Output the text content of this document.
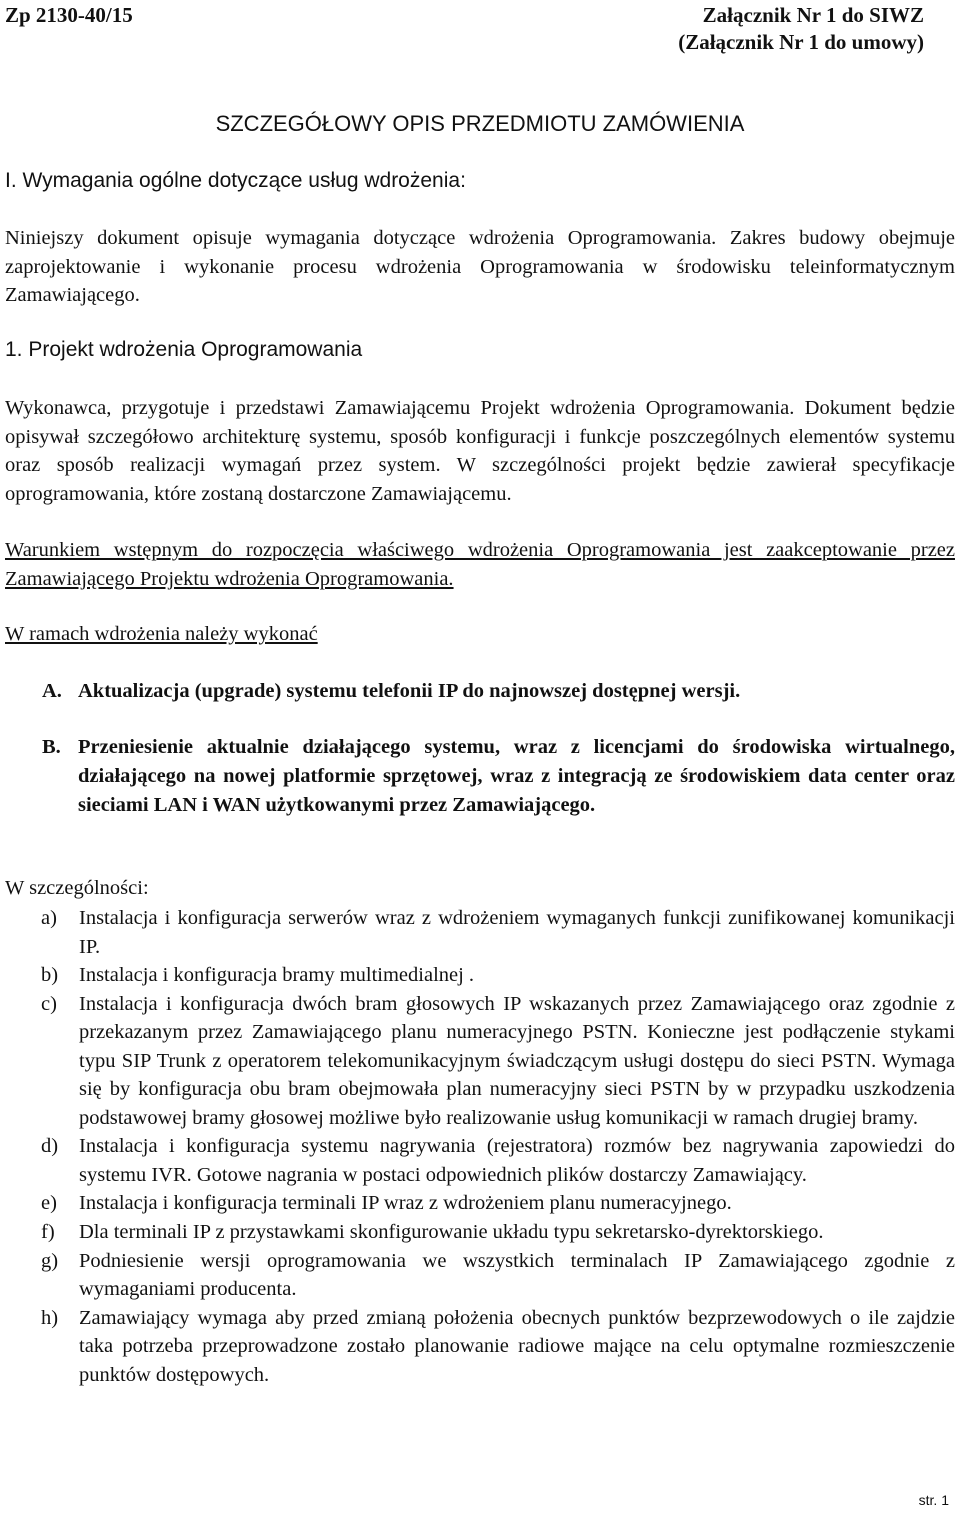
Zp 2130-40/15	Załącznik Nr 1 do SIWZ
(Załącznik Nr 1 do umowy)
SZCZEGÓŁOWY OPIS PRZEDMIOTU ZAMÓWIENIA
I. Wymagania ogólne dotyczące usług wdrożenia:
Niniejszy dokument opisuje wymagania dotyczące wdrożenia Oprogramowania. Zakres budowy obejmuje zaprojektowanie i wykonanie procesu wdrożenia Oprogramowania w środowisku teleinformatycznym Zamawiającego.
1. Projekt wdrożenia Oprogramowania
Wykonawca, przygotuje i przedstawi Zamawiającemu Projekt wdrożenia Oprogramowania. Dokument będzie opisywał szczegółowo architekturę systemu, sposób konfiguracji i funkcje poszczególnych elementów systemu oraz sposób realizacji wymagań przez system. W szczególności projekt będzie zawierał specyfikacje oprogramowania, które zostaną dostarczone Zamawiającemu.
Warunkiem wstępnym do rozpoczęcia właściwego wdrożenia Oprogramowania jest zaakceptowanie przez Zamawiającego Projektu wdrożenia Oprogramowania.
W ramach wdrożenia należy wykonać
A. Aktualizacja (upgrade) systemu telefonii IP do najnowszej dostępnej wersji.
B. Przeniesienie aktualnie działającego systemu, wraz z licencjami do środowiska wirtualnego, działającego na nowej platformie sprzętowej, wraz z integracją ze środowiskiem data center oraz sieciami LAN i WAN użytkowanymi przez Zamawiającego.
W szczególności:
a) Instalacja i konfiguracja serwerów wraz z wdrożeniem wymaganych funkcji zunifikowanej komunikacji IP.
b) Instalacja i konfiguracja bramy multimedialnej .
c) Instalacja i konfiguracja dwóch bram głosowych IP wskazanych przez Zamawiającego oraz zgodnie z przekazanym przez Zamawiającego planu numeracyjnego PSTN. Konieczne jest podłączenie stykami typu SIP Trunk z operatorem telekomunikacyjnym świadczącym usługi dostępu do sieci PSTN. Wymaga się by konfiguracja obu bram obejmowała plan numeracyjny sieci PSTN by w przypadku uszkodzenia podstawowej bramy głosowej możliwe było realizowanie usług komunikacji w ramach drugiej bramy.
d) Instalacja i konfiguracja systemu nagrywania (rejestratora) rozmów bez nagrywania zapowiedzi do systemu IVR. Gotowe nagrania w postaci odpowiednich plików dostarczy Zamawiający.
e) Instalacja i konfiguracja terminali IP wraz z wdrożeniem planu numeracyjnego.
f) Dla terminali IP z przystawkami skonfigurowanie układu typu sekretarsko-dyrektorskiego.
g) Podniesienie wersji oprogramowania we wszystkich terminalach IP Zamawiającego zgodnie z wymaganiami producenta.
h) Zamawiający wymaga aby przed zmianą położenia obecnych punktów bezprzewodowych o ile zajdzie taka potrzeba przeprowadzone zostało planowanie radiowe mające na celu optymalne rozmieszczenie punktów dostępowych.
str. 1
